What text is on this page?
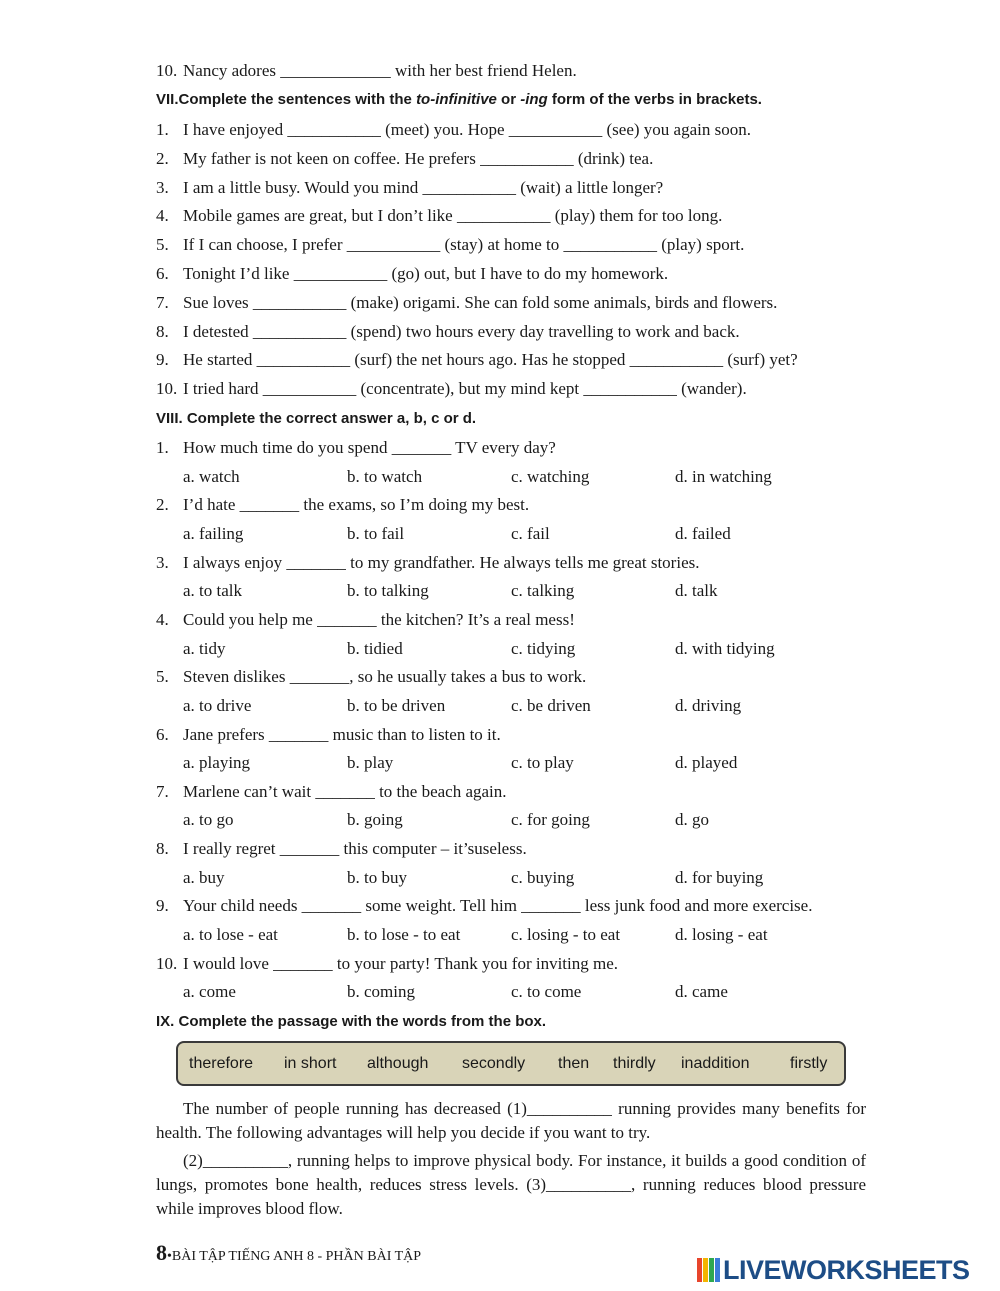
10. Nancy adores _____________ with her best friend Helen.
VII.Complete the sentences with the to-infinitive or -ing form of the verbs in brackets.
1. I have enjoyed ___________ (meet) you. Hope ___________ (see) you again soon.
2. My father is not keen on coffee. He prefers ___________ (drink) tea.
3. I am a little busy. Would you mind ___________ (wait) a little longer?
4. Mobile games are great, but I don’t like ___________ (play) them for too long.
5. If I can choose, I prefer ___________ (stay) at home to ___________ (play) sport.
6. Tonight I’d like ___________ (go) out, but I have to do my homework.
7. Sue loves ___________ (make) origami. She can fold some animals, birds and flowers.
8. I detested ___________ (spend) two hours every day travelling to work and back.
9. He started ___________ (surf) the net hours ago. Has he stopped ___________ (surf) yet?
10. I tried hard ___________ (concentrate), but my mind kept ___________ (wander).
VIII. Complete the correct answer a, b, c or d.
1. How much time do you spend _______ TV every day?
a. watch	b. to watch	c. watching	d. in watching
2. I’d hate _______ the exams, so I’m doing my best.
a. failing	b. to fail	c. fail	d. failed
3. I always enjoy _______ to my grandfather. He always tells me great stories.
a. to talk	b. to talking	c. talking	d. talk
4. Could you help me _______ the kitchen? It’s a real mess!
a. tidy	b. tidied	c. tidying	d. with tidying
5. Steven dislikes _______, so he usually takes a bus to work.
a. to drive	b. to be driven	c. be driven	d. driving
6. Jane prefers _______ music than to listen to it.
a. playing	b. play	c. to play	d. played
7. Marlene can’t wait _______ to the beach again.
a. to go	b. going	c. for going	d. go
8. I really regret _______ this computer – it’suseless.
a. buy	b. to buy	c. buying	d. for buying
9. Your child needs _______ some weight. Tell him _______ less junk food and more exercise.
a. to lose - eat	b. to lose - to eat	c. losing - to eat	d. losing - eat
10. I would love _______ to your party! Thank you for inviting me.
a. come	b. coming	c. to come	d. came
IX. Complete the passage with the words from the box.
therefore in short although secondly then thirdly inaddition	firstly
The number of people running has decreased (1)__________ running provides many benefits for health. The following advantages will help you decide if you want to try.
(2)__________, running helps to improve physical body. For instance, it builds a good condition of lungs, promotes bone health, reduces stress levels. (3)__________, running reduces blood pressure while improves blood flow.
8•BÀI TẬP TIẾNG ANH 8 - PHẦN BÀI TẬP	LIVEWORKSHEETS
